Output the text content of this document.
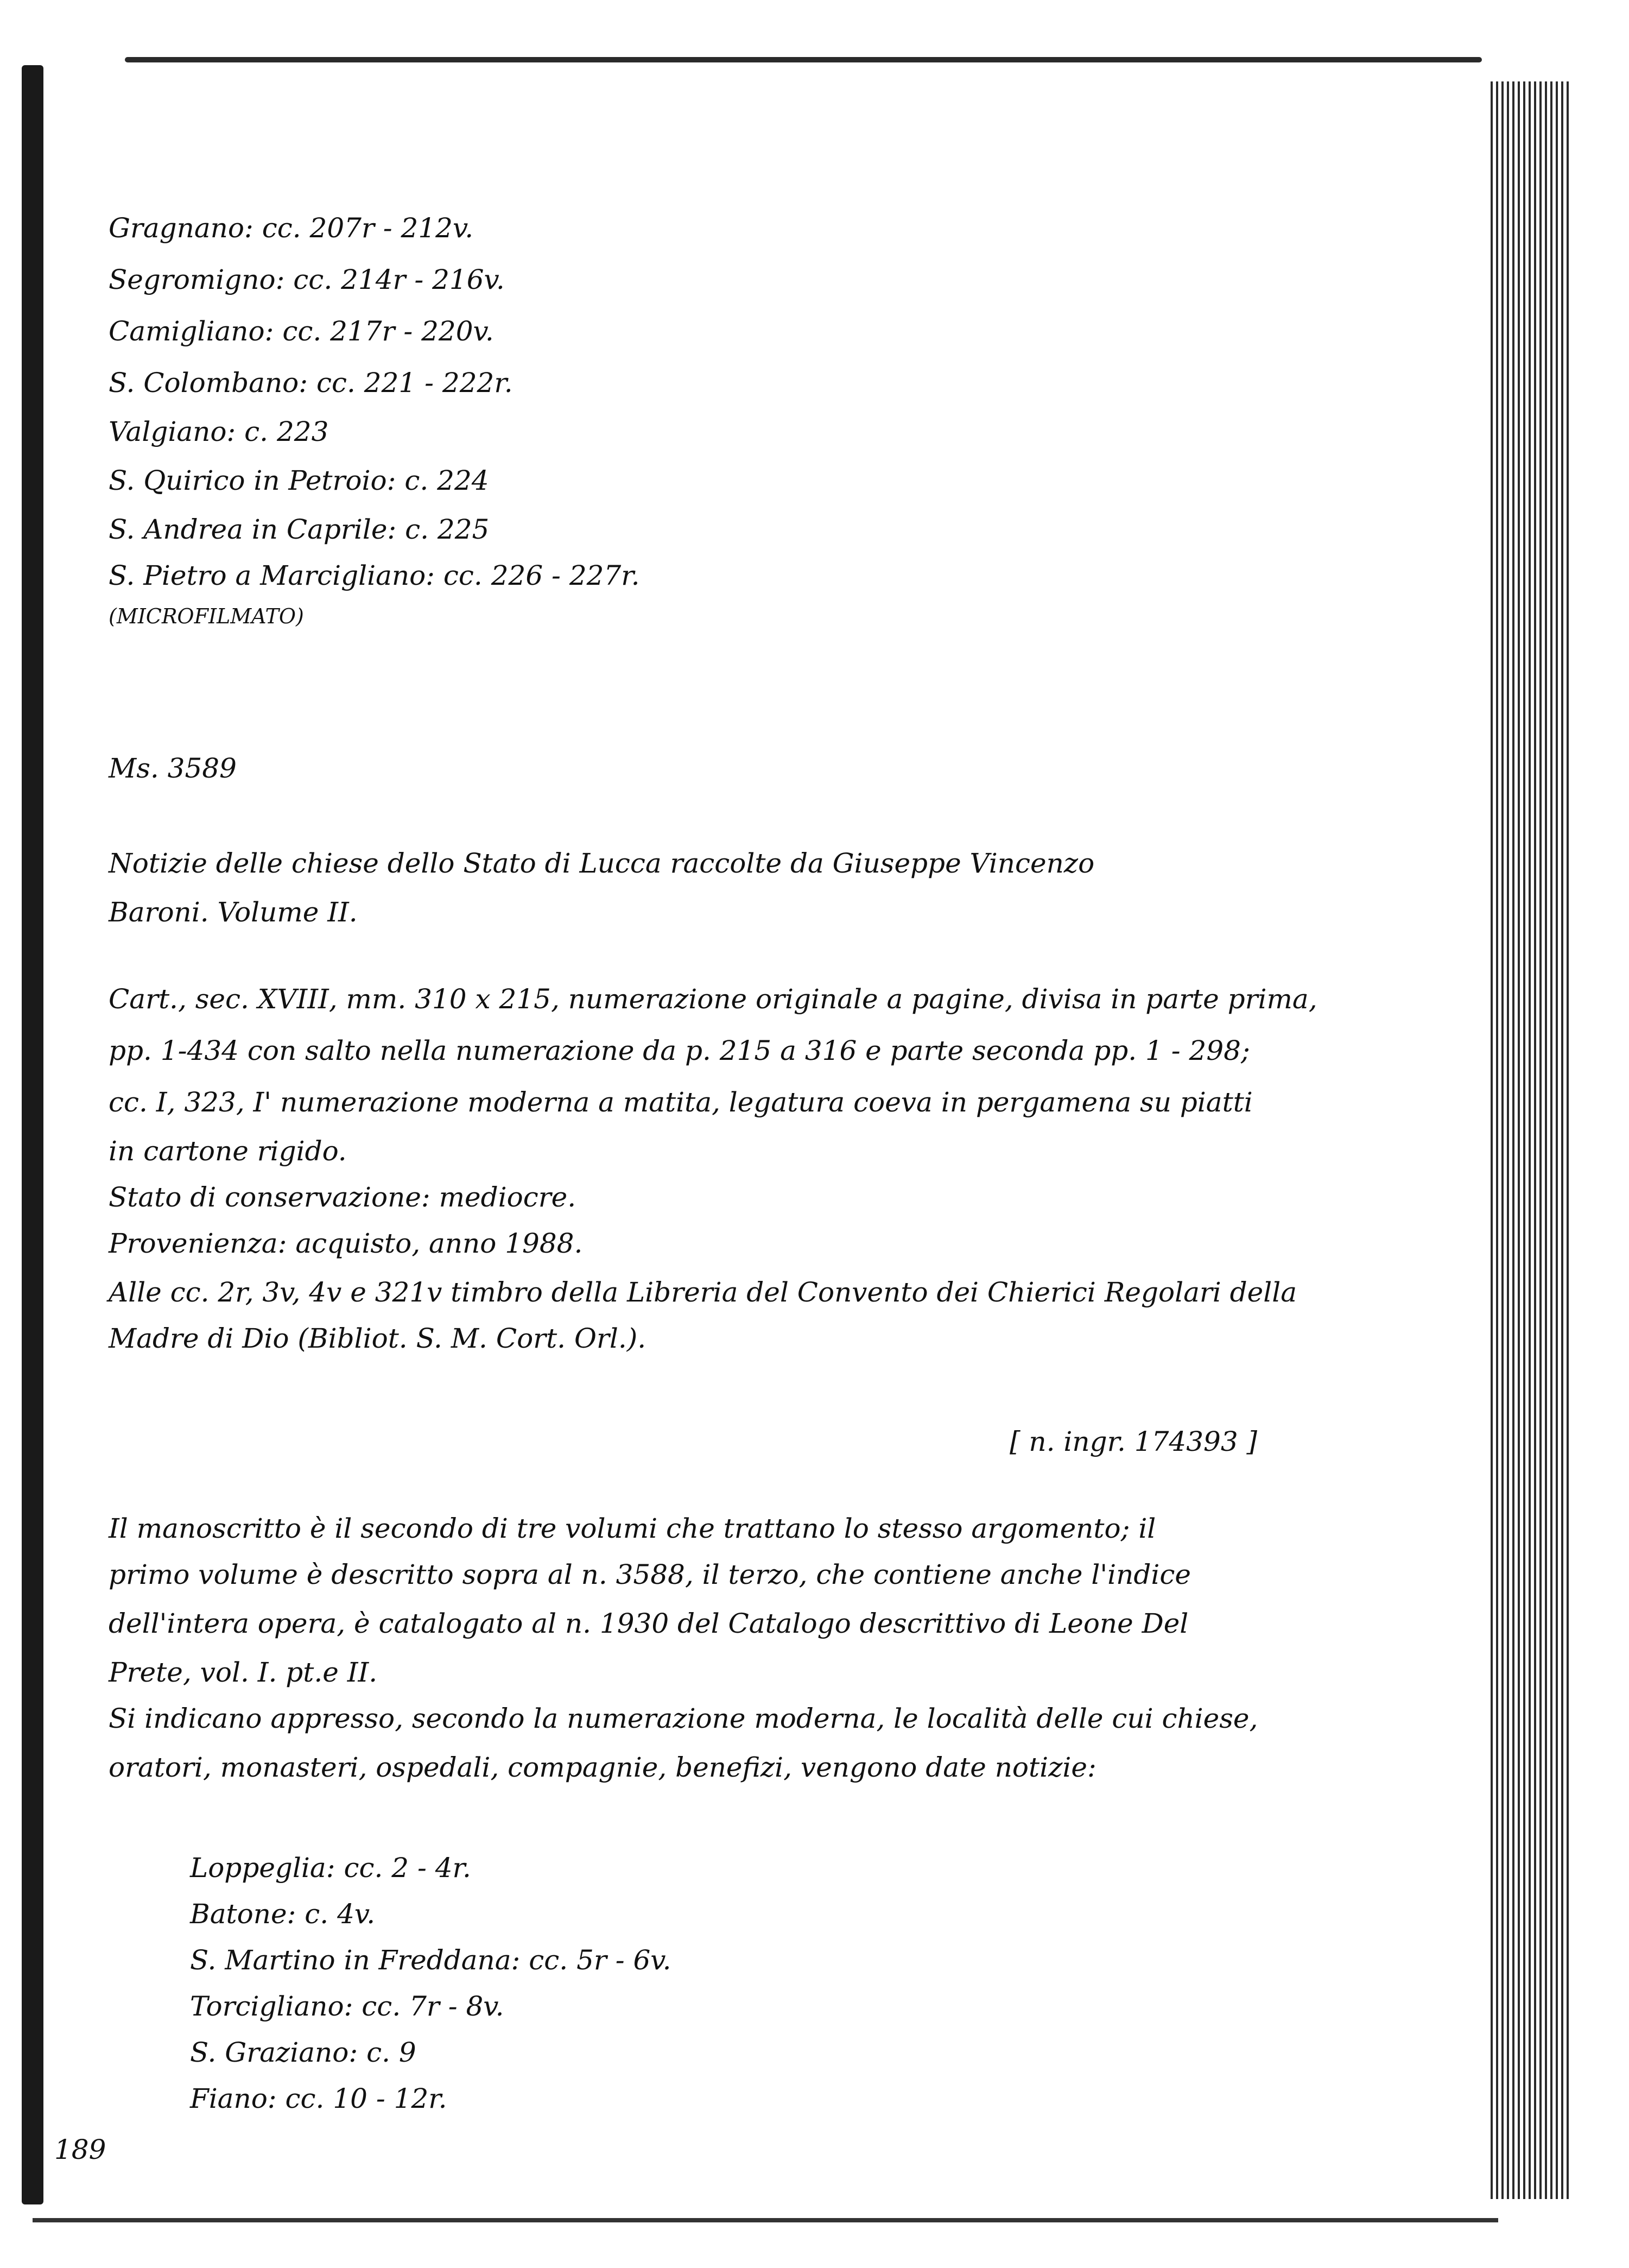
Gragnano: cc. 207r - 212v.
Segromigno: cc. 214r - 216v.
Camigliano: cc. 217r - 220v.
S. Colombano: cc. 221 - 222r.
Valgiano: c. 223
S. Quirico in Petroio: c. 224
S. Andrea in Caprile: c. 225
S. Pietro a Marcigliano: cc. 226 - 227r.
(MICROFILMATO)
Ms. 3589
Notizie delle chiese dello Stato di Lucca raccolte da Giuseppe Vincenzo
Baroni. Volume II.
Cart., sec. XVIII, mm. 310 x 215, numerazione originale a pagine, divisa in parte prima,
pp. 1-434 con salto nella numerazione da p. 215 a 316 e parte seconda pp. 1 - 298;
cc. I, 323, I' numerazione moderna a matita, legatura coeva in pergamena su piatti
in cartone rigido.
Stato di conservazione: mediocre.
Provenienza: acquisto, anno 1988.
Alle cc. 2r, 3v, 4v e 321v timbro della Libreria del Convento dei Chierici Regolari della
Madre di Dio (Bibliot. S. M. Cort. Orl.).
[ n. ingr. 174393 ]
Il manoscritto è il secondo di tre volumi che trattano lo stesso argomento; il
primo volume è descritto sopra al n. 3588, il terzo, che contiene anche l'indice
dell'intera opera, è catalogato al n. 1930 del Catalogo descrittivo di Leone Del
Prete, vol. I. pt.e II.
Si indicano appresso, secondo la numerazione moderna, le località delle cui chiese,
oratori, monasteri, ospedali, compagnie, benefizi, vengono date notizie:
Loppeglia: cc. 2 - 4r.
Batone: c. 4v.
S. Martino in Freddana: cc. 5r - 6v.
Torcigliano: cc. 7r - 8v.
S. Graziano: c. 9
Fiano: cc. 10 - 12r.
189
